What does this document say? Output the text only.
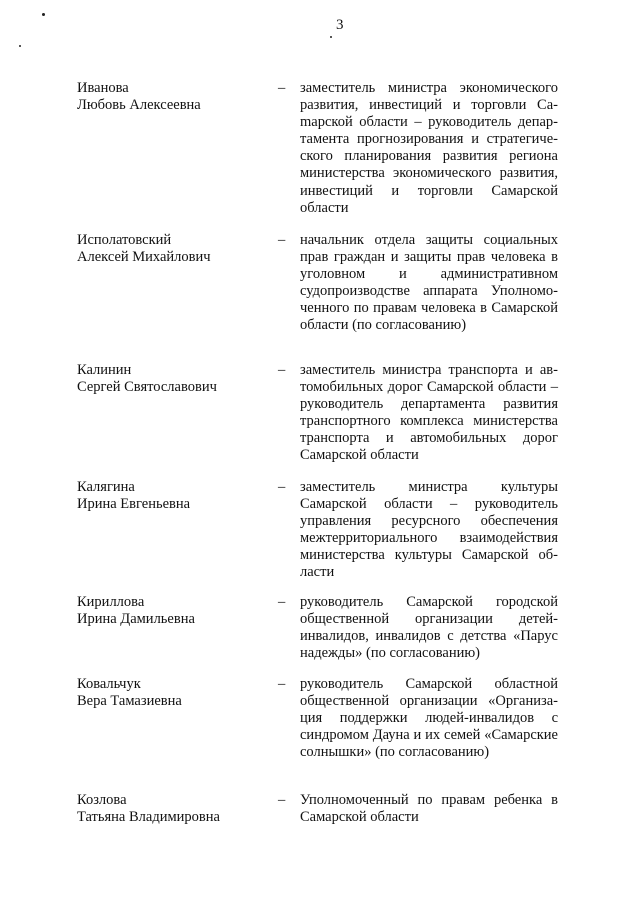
3
Иванова
Любовь Алексеевна
– заместитель министра экономического развития, инвестиций и торговли Саmарской области – руководитель департамента прогнозирования и стратегического планирования развития региона министерства экономического развития, инвестиций и торговли Самарской области
Исполатовский
Алексей Михайлович
– начальник отдела защиты социальных прав граждан и защиты прав человека в уголовном и административном судопроизводстве аппарата Уполномоченного по правам человека в Самарской области (по согласованию)
Калинин
Сергей Святославович
– заместитель министра транспорта и автомобильных дорог Самарской области – руководитель департамента развития транспортного комплекса министерства транспорта и автомобильных дорог Самарской области
Калягина
Ирина Евгеньевна
– заместитель министра культуры Самарской области – руководитель управления ресурсного обеспечения межтерриториального взаимодействия министерства культуры Самарской области
Кириллова
Ирина Дамильевна
– руководитель Самарской городской общественной организации детей-инвалидов, инвалидов с детства «Парус надежды» (по согласованию)
Ковальчук
Вера Тамазиевна
– руководитель Самарской областной общественной организации «Организация поддержки людей-инвалидов с синдромом Дауна и их семей «Самарские солнышки» (по согласованию)
Козлова
Татьяна Владимировна
– Уполномоченный по правам ребенка в Самарской области
